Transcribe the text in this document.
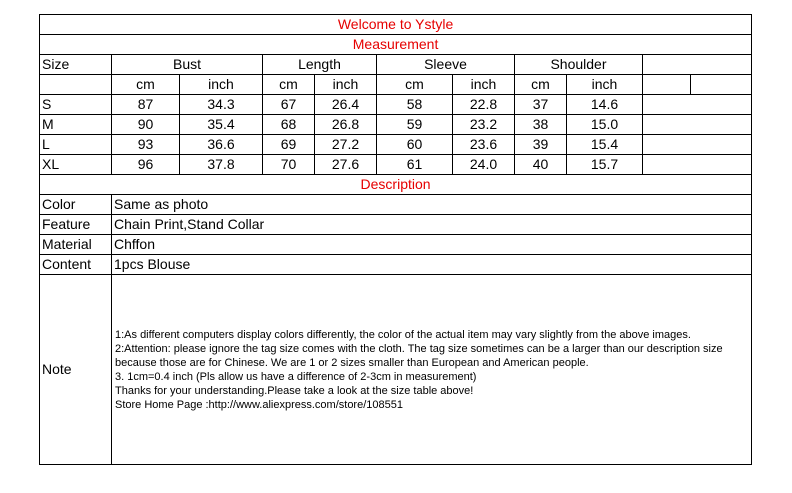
Welcome to Ystyle										
Measurement										
Size	Bust		Length		Sleeve		Shoulder			
	cm	inch	cm	inch	cm	inch	cm	inch		
S	87	34.3	67	26.4	58	22.8	37	14.6		
M	90	35.4	68	26.8	59	23.2	38	15.0		
L	93	36.6	69	27.2	60	23.6	39	15.4		
XL	96	37.8	70	27.6	61	24.0	40	15.7		
Description										
Color	Same as photo									
Feature	Chain Print,Stand Collar									
Material	Chffon									
Content	1pcs Blouse									
Note	1:As different computers display colors differently, the color of the actual item may vary slightly from the above images.
2:Attention: please ignore the tag size comes with the cloth. The tag size sometimes can be a larger than our description size because those are for Chinese. We are 1 or 2 sizes smaller than European and American people.
3. 1cm=0.4 inch (Pls allow us have a difference of 2-3cm in measurement)
Thanks for your understanding.Please take a look at the size table above!
Store Home Page :http://www.aliexpress.com/store/108551									
